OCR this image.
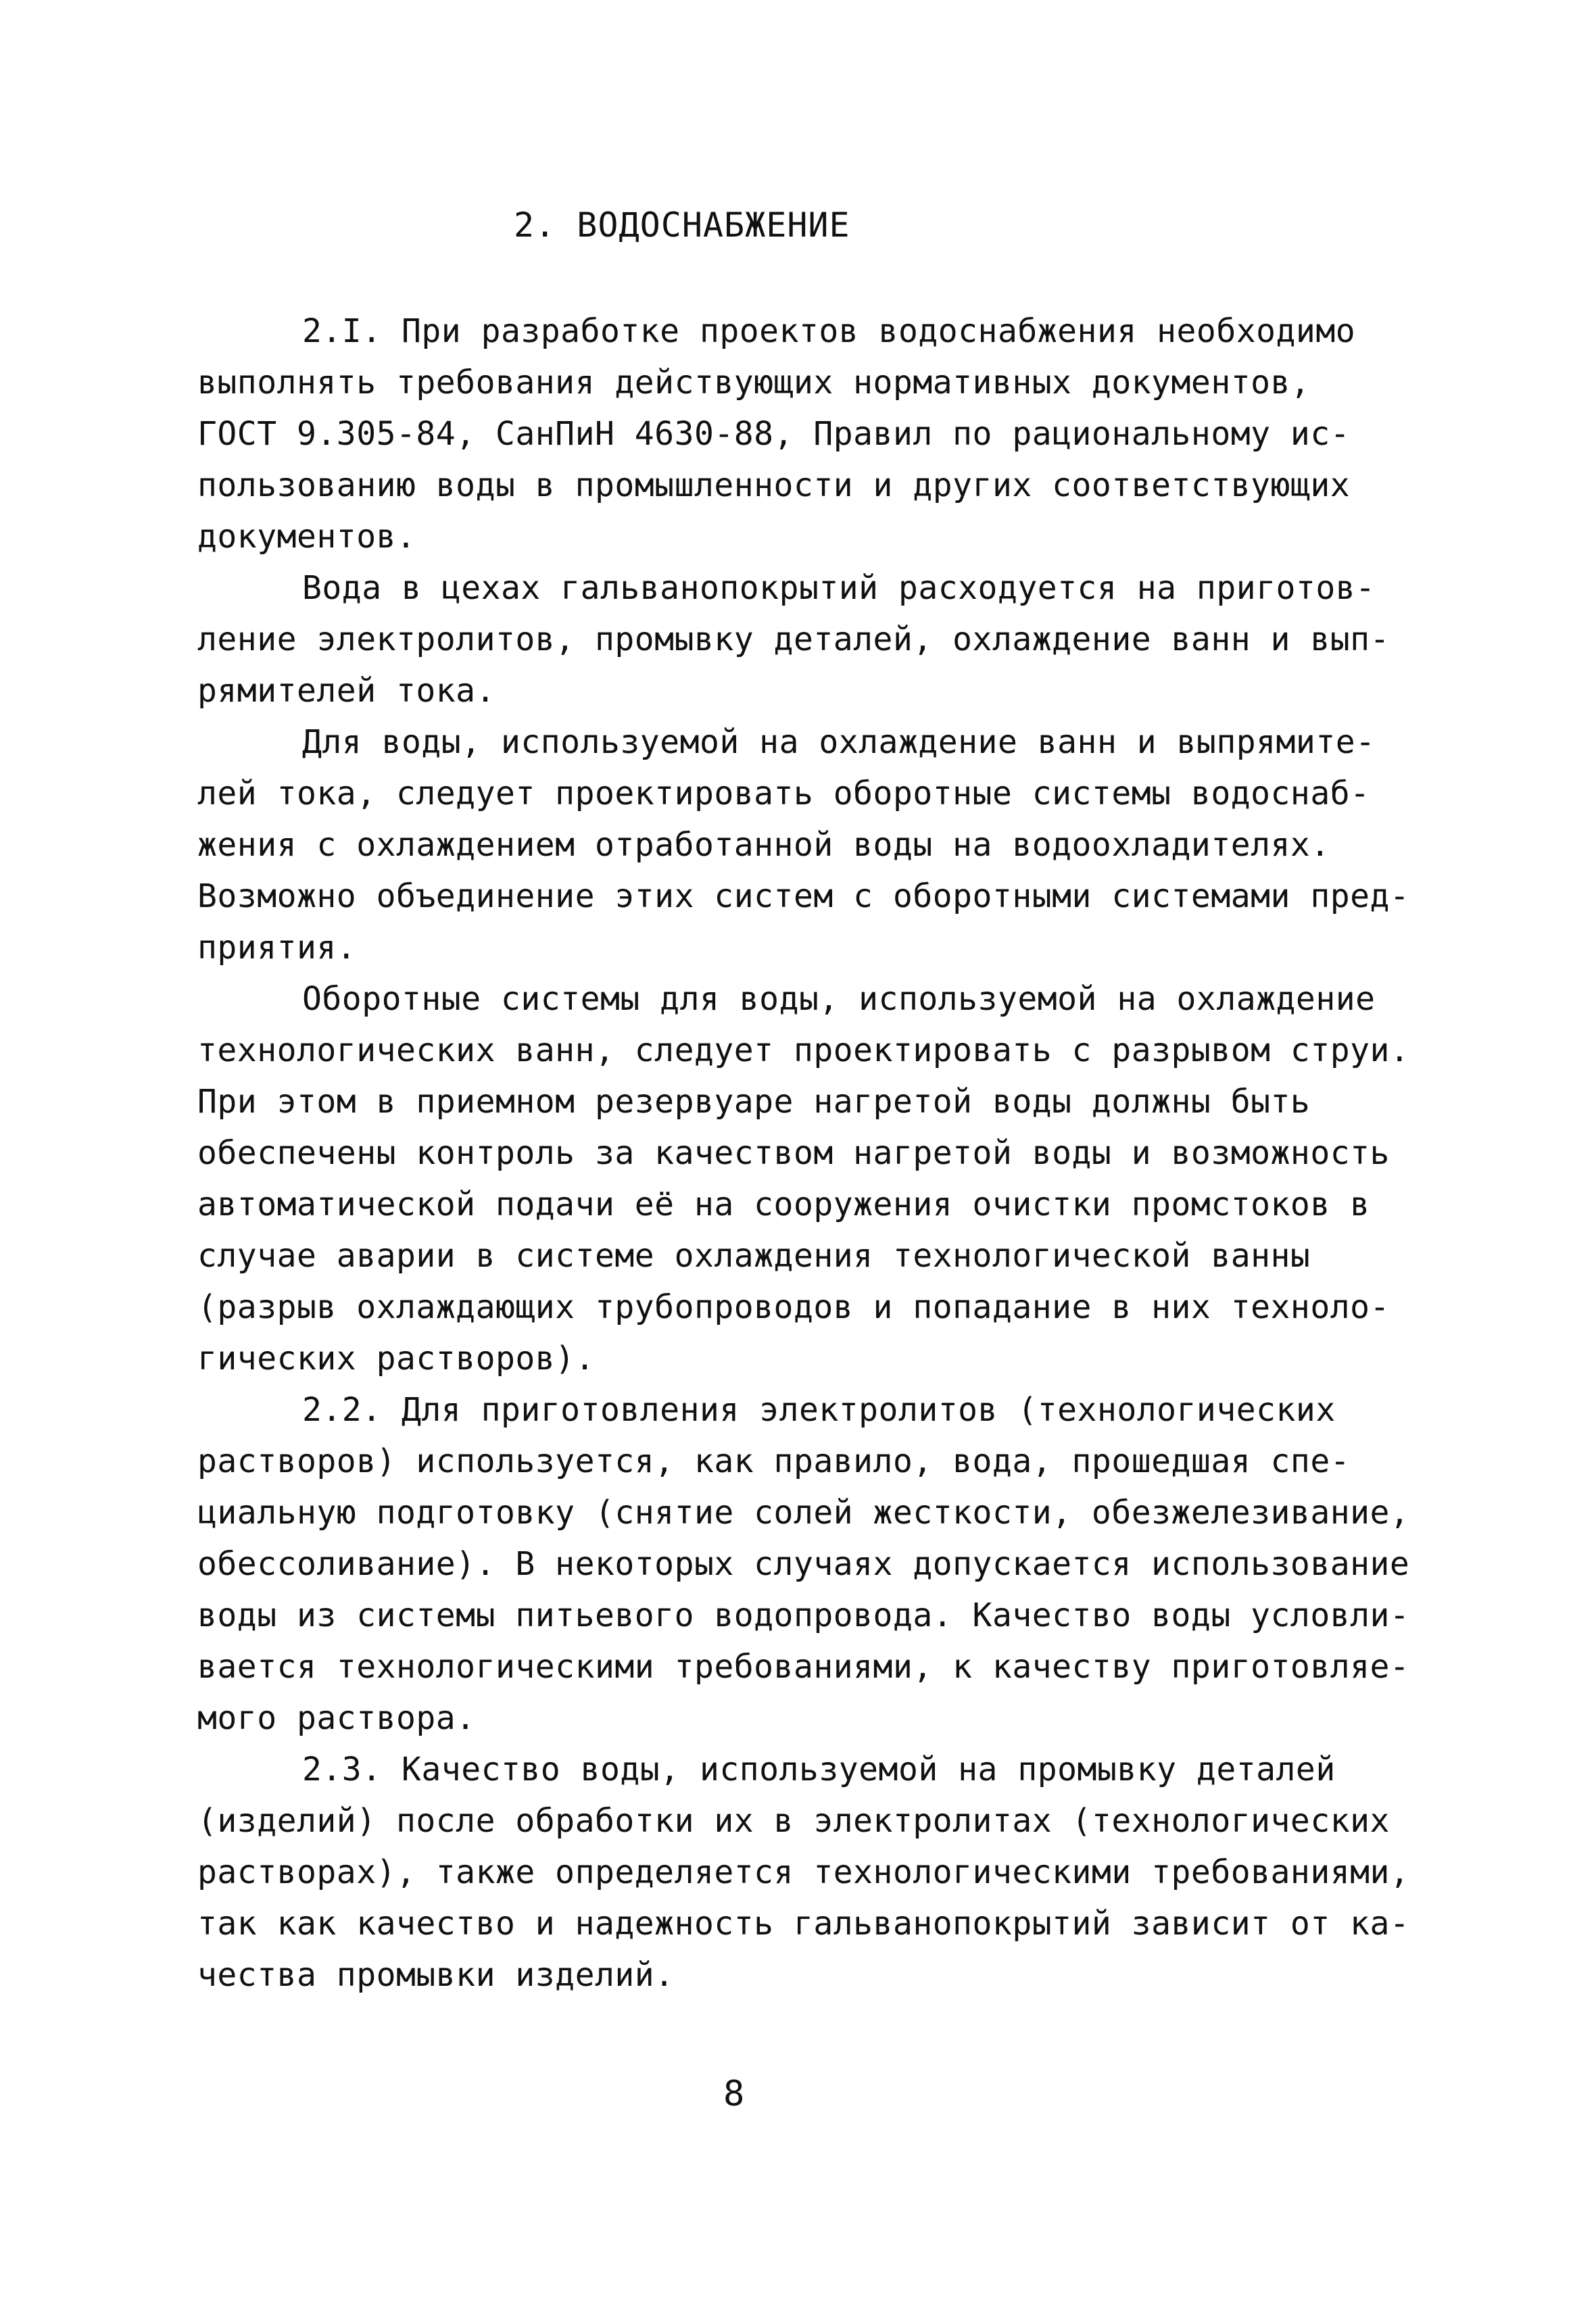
2. ВОДОСНАБЖЕНИЕ
2.I. При разработке проектов водоснабжения необходимо
выполнять требования действующих нормативных документов,
ГОСТ 9.305-84, СанПиН 4630-88, Правил по рациональному ис-
пользованию воды в промышленности и других соответствующих
документов.
Вода в цехах гальванопокрытий расходуется на приготов-
ление электролитов, промывку деталей, охлаждение ванн и вып-
рямителей тока.
Для воды, используемой на охлаждение ванн и выпрямите-
лей тока, следует проектировать оборотные системы водоснаб-
жения с охлаждением отработанной воды на водоохладителях.
Возможно объединение этих систем с оборотными системами пред-
приятия.
Оборотные системы для воды, используемой на охлаждение
технологических ванн, следует проектировать с разрывом струи.
При этом в приемном резервуаре нагретой воды должны быть
обеспечены контроль за качеством нагретой воды и возможность
автоматической подачи её на сооружения очистки промстоков в
случае аварии в системе охлаждения технологической ванны
(разрыв охлаждающих трубопроводов и попадание в них техноло-
гических растворов).
2.2. Для приготовления электролитов (технологических
растворов) используется, как правило, вода, прошедшая спе-
циальную подготовку (снятие солей жесткости, обезжелезивание,
обессоливание). В некоторых случаях допускается использование
воды из системы питьевого водопровода. Качество воды условли-
вается технологическими требованиями, к качеству приготовляе-
мого раствора.
2.3. Качество воды, используемой на промывку деталей
(изделий) после обработки их в электролитах (технологических
растворах), также определяется технологическими требованиями,
так как качество и надежность гальванопокрытий зависит от ка-
чества промывки изделий.
8
